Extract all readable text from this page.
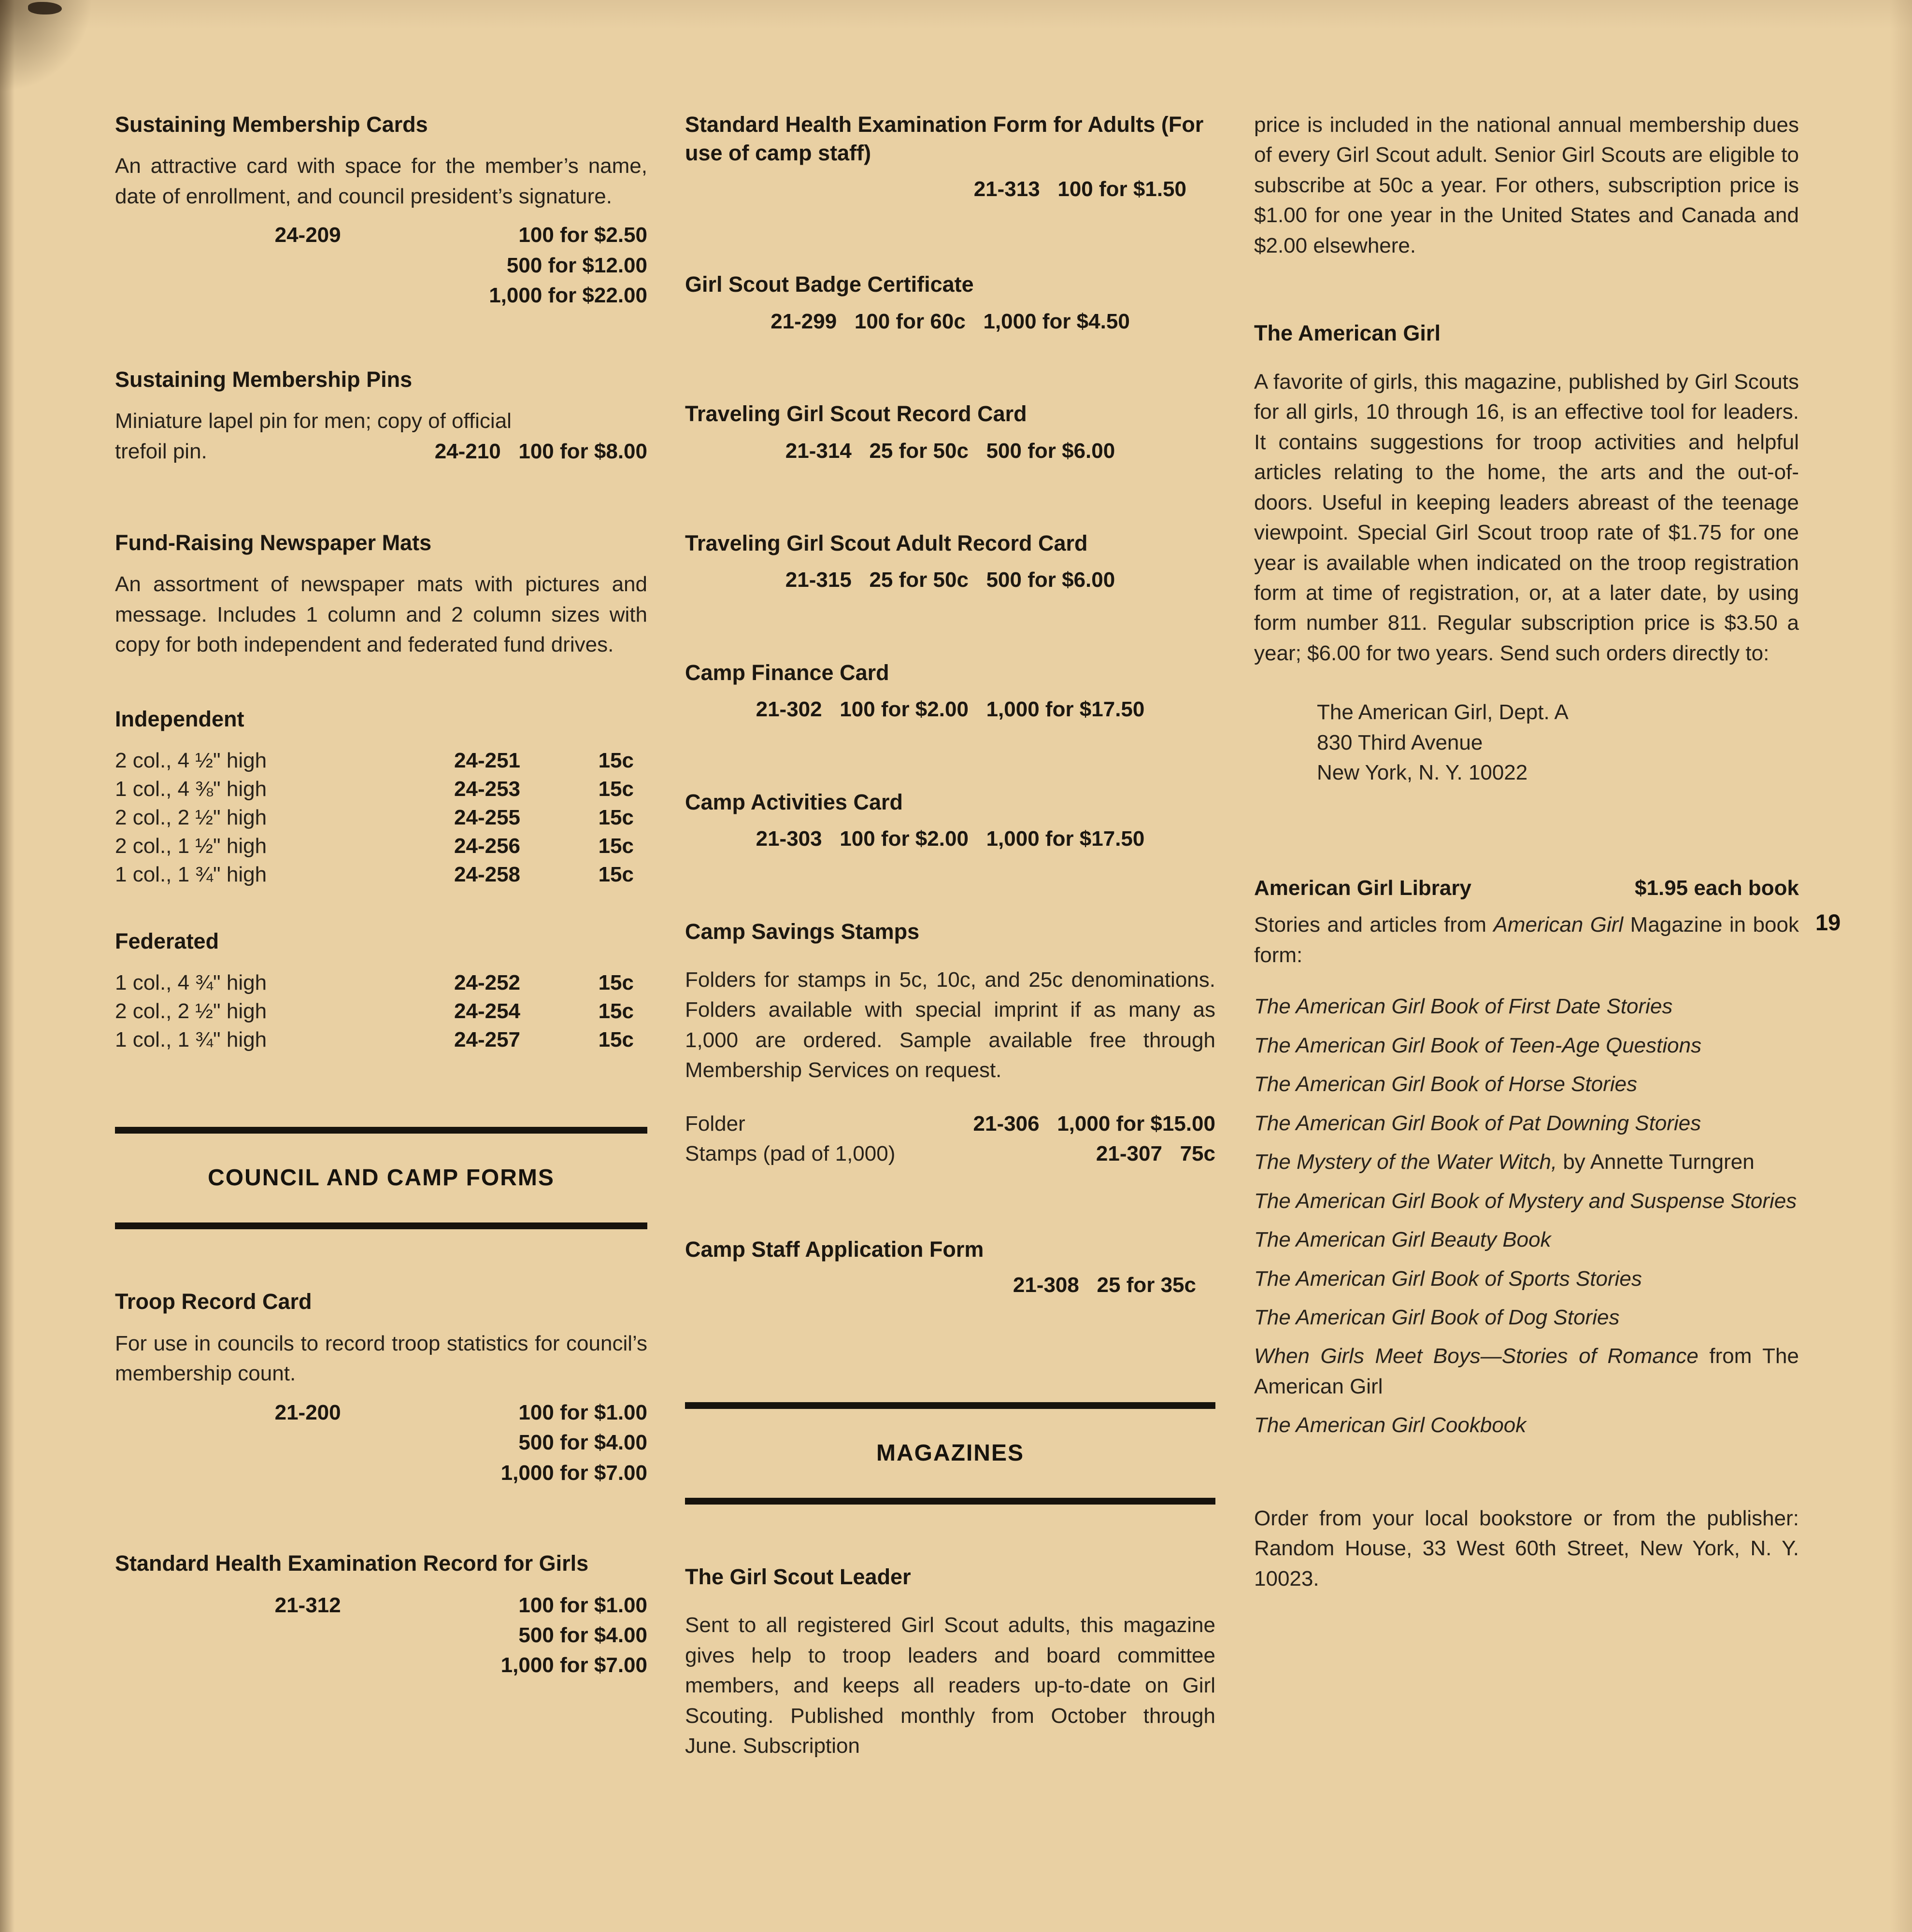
Sustaining Membership Cards

An attractive card with space for the member’s name, date of enrollment, and council president’s signature.

24-209	100 for $2.50
500 for $12.00
1,000 for $22.00
Sustaining Membership Pins

Miniature lapel pin for men; copy of official

trefoil pin.	24-210   100 for $8.00
Fund-Raising Newspaper Mats

An assortment of newspaper mats with pictures and message. Includes 1 column and 2 column sizes with copy for both independent and federated fund drives.

Independent
2 col., 4 ½" high	24-251	15c
1 col., 4 ⅜" high	24-253	15c
2 col., 2 ½" high	24-255	15c
2 col., 1 ½" high	24-256	15c
1 col., 1 ¾" high	24-258	15c
Federated
1 col., 4 ¾" high	24-252	15c
2 col., 2 ½" high	24-254	15c
1 col., 1 ¾" high	24-257	15c
COUNCIL AND CAMP FORMS
Troop Record Card

For use in councils to record troop statistics for council’s membership count.

21-200	100 for $1.00
500 for $4.00
1,000 for $7.00
Standard Health Examination Record for Girls
21-312	100 for $1.00
500 for $4.00
1,000 for $7.00
Standard Health Examination Form for Adults (For use of camp staff)
21-313   100 for $1.50
Girl Scout Badge Certificate
21-299   100 for 60c   1,000 for $4.50
Traveling Girl Scout Record Card
21-314   25 for 50c   500 for $6.00
Traveling Girl Scout Adult Record Card
21-315   25 for 50c   500 for $6.00
Camp Finance Card
21-302   100 for $2.00   1,000 for $17.50
Camp Activities Card
21-303   100 for $2.00   1,000 for $17.50
Camp Savings Stamps

Folders for stamps in 5c, 10c, and 25c denominations. Folders available with special imprint if as many as 1,000 are ordered. Sample available free through Membership Services on request.

Folder	21-306   1,000 for $15.00
Stamps (pad of 1,000)	21-307   75c
Camp Staff Application Form
21-308   25 for 35c
MAGAZINES
The Girl Scout Leader

Sent to all registered Girl Scout adults, this magazine gives help to troop leaders and board committee members, and keeps all readers up-to-date on Girl Scouting. Published monthly from October through June. Subscription

price is included in the national annual membership dues of every Girl Scout adult. Senior Girl Scouts are eligible to subscribe at 50c a year. For others, subscription price is $1.00 for one year in the United States and Canada and $2.00 elsewhere.

The American Girl

A favorite of girls, this magazine, published by Girl Scouts for all girls, 10 through 16, is an effective tool for leaders. It contains suggestions for troop activities and helpful articles relating to the home, the arts and the out-of-doors. Useful in keeping leaders abreast of the teenage viewpoint. Special Girl Scout troop rate of $1.75 for one year is available when indicated on the troop registration form at time of registration, or, at a later date, by using form number 811. Regular subscription price is $3.50 a year; $6.00 for two years. Send such orders directly to:

The American Girl, Dept. A
830 Third Avenue
New York, N. Y. 10022
American Girl Library	$1.95 each book

Stories and articles from American Girl Magazine in book form:

The American Girl Book of First Date Stories
The American Girl Book of Teen-Age Questions
The American Girl Book of Horse Stories
The American Girl Book of Pat Downing Stories
The Mystery of the Water Witch, by Annette Turngren
The American Girl Book of Mystery and Suspense Stories
The American Girl Beauty Book
The American Girl Book of Sports Stories
The American Girl Book of Dog Stories
When Girls Meet Boys—Stories of Romance from The American Girl
The American Girl Cookbook

Order from your local bookstore or from the publisher: Random House, 33 West 60th Street, New York, N. Y. 10023.

19
